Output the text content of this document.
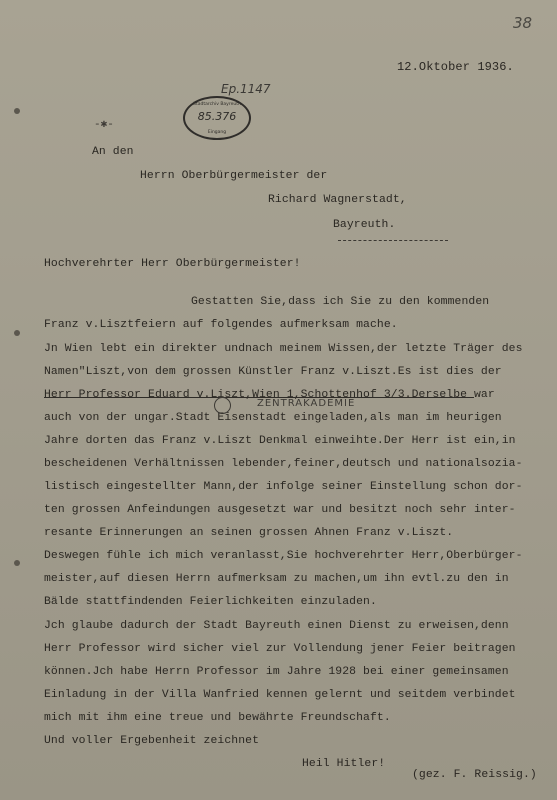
38
12.Oktober 1936.
Ep.1147
Stadtarchiv Bayreuth
85.376
Eingang
-✱-
An den
Herrn Oberbürgermeister der
Richard Wagnerstadt,
Bayreuth.
Hochverehrter Herr Oberbürgermeister!
Gestatten Sie,dass ich Sie zu den kommenden
Franz v.Lisztfeiern auf folgendes aufmerksam mache.
Jn Wien lebt ein direkter undnach meinem Wissen,der letzte Träger des
Namen"Liszt,von dem grossen Künstler Franz v.Liszt.Es ist dies der
Herr Professor Eduard v.Liszt,Wien 1,Schottenhof 3/3.Derselbe war
ZENTRAKADEMIE
auch von der ungar.Stadt Eisenstadt eingeladen,als man im heurigen
Jahre dorten das Franz v.Liszt Denkmal einweihte.Der Herr ist ein,in
bescheidenen Verhältnissen lebender,feiner,deutsch und nationalsozia-
listisch eingestellter Mann,der infolge seiner Einstellung schon dor-
ten grossen Anfeindungen ausgesetzt war und besitzt noch sehr inter-
resante Erinnerungen an seinen grossen Ahnen Franz v.Liszt.
Deswegen fühle ich mich veranlasst,Sie hochverehrter Herr,Oberbürger-
meister,auf diesen Herrn aufmerksam zu machen,um ihn evtl.zu den in
Bälde stattfindenden Feierlichkeiten einzuladen.
Jch glaube dadurch der Stadt Bayreuth einen Dienst zu erweisen,denn
Herr Professor wird sicher viel zur Vollendung jener Feier beitragen
können.Jch habe Herrn Professor im Jahre 1928 bei einer gemeinsamen
Einladung in der Villa Wanfried kennen gelernt und seitdem verbindet
mich mit ihm eine treue und bewährte Freundschaft.
Und voller Ergebenheit zeichnet
Heil Hitler!
(gez. F. Reissig.)
